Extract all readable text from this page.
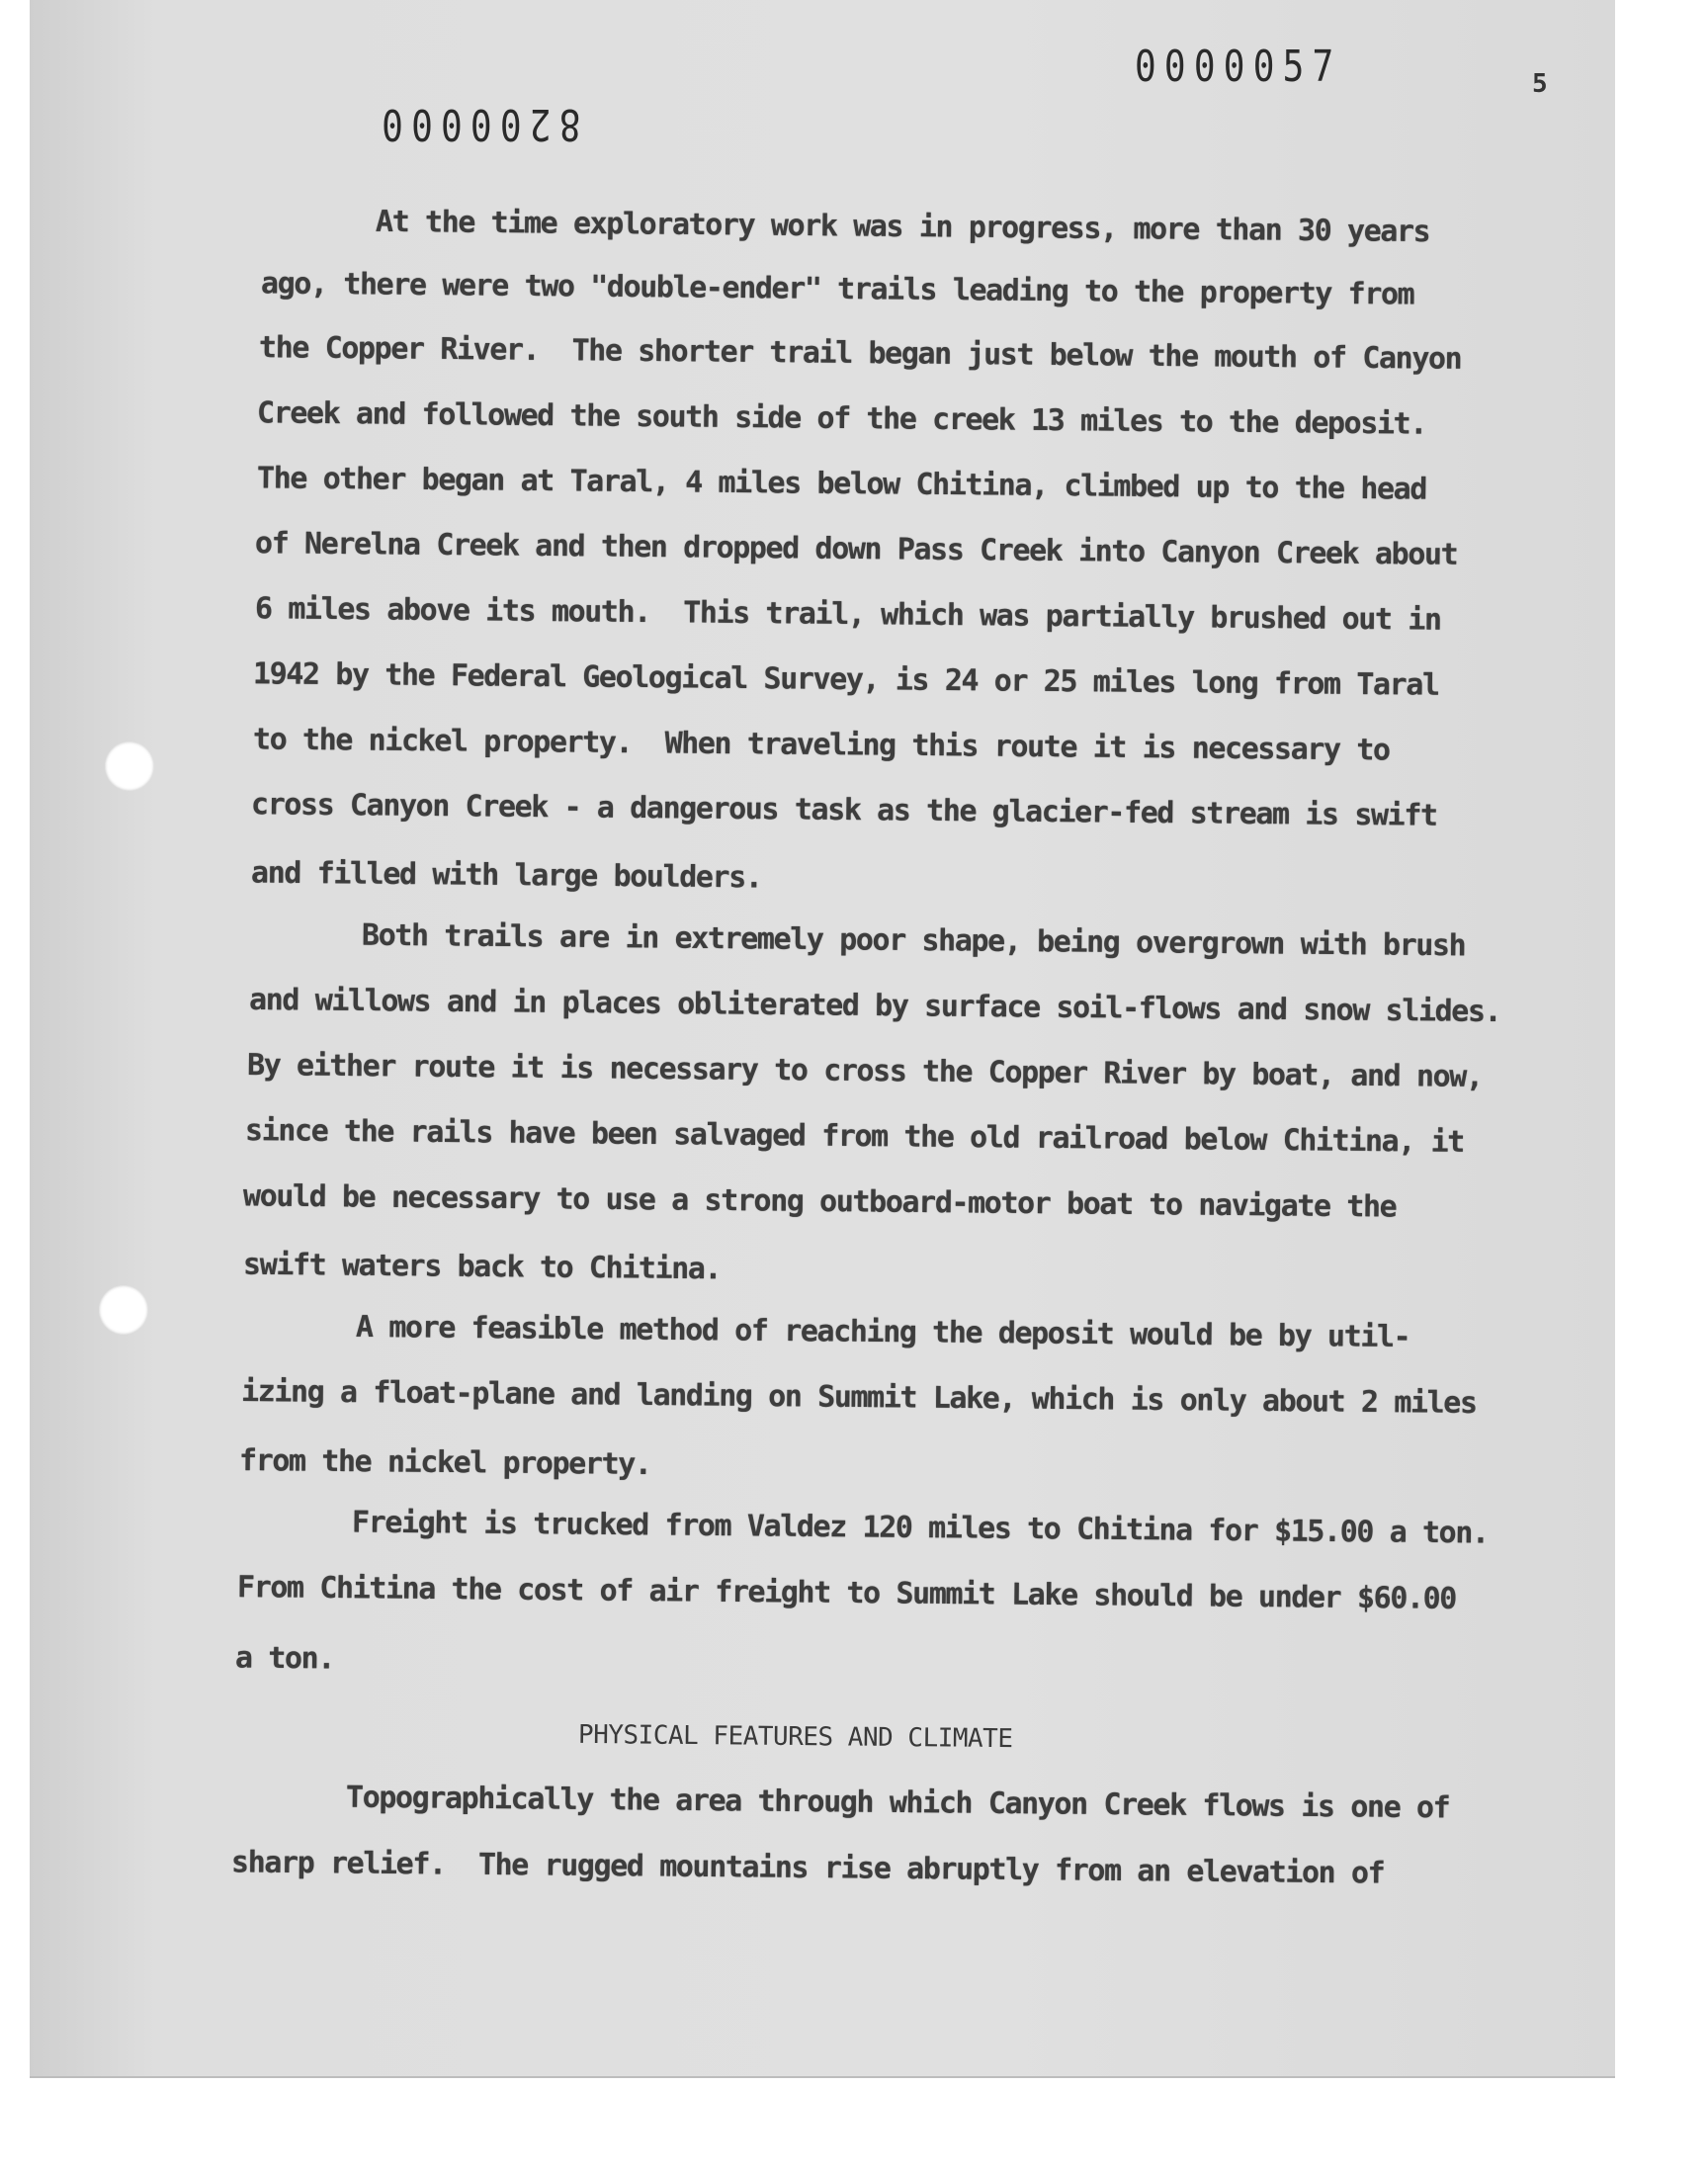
8200000
0000057	5
At the time exploratory work was in progress, more than 30 years
ago, there were two "double-ender" trails leading to the property from
the Copper River.  The shorter trail began just below the mouth of Canyon
Creek and followed the south side of the creek 13 miles to the deposit.
The other began at Taral, 4 miles below Chitina, climbed up to the head
of Nerelna Creek and then dropped down Pass Creek into Canyon Creek about
6 miles above its mouth.  This trail, which was partially brushed out in
1942 by the Federal Geological Survey, is 24 or 25 miles long from Taral
to the nickel property.  When traveling this route it is necessary to
cross Canyon Creek - a dangerous task as the glacier-fed stream is swift
and filled with large boulders.
Both trails are in extremely poor shape, being overgrown with brush
and willows and in places obliterated by surface soil-flows and snow slides.
By either route it is necessary to cross the Copper River by boat, and now,
since the rails have been salvaged from the old railroad below Chitina, it
would be necessary to use a strong outboard-motor boat to navigate the
swift waters back to Chitina.
A more feasible method of reaching the deposit would be by util-
izing a float-plane and landing on Summit Lake, which is only about 2 miles
from the nickel property.
Freight is trucked from Valdez 120 miles to Chitina for $15.00 a ton.
From Chitina the cost of air freight to Summit Lake should be under $60.00
a ton.
PHYSICAL FEATURES AND CLIMATE
Topographically the area through which Canyon Creek flows is one of
sharp relief.  The rugged mountains rise abruptly from an elevation of
